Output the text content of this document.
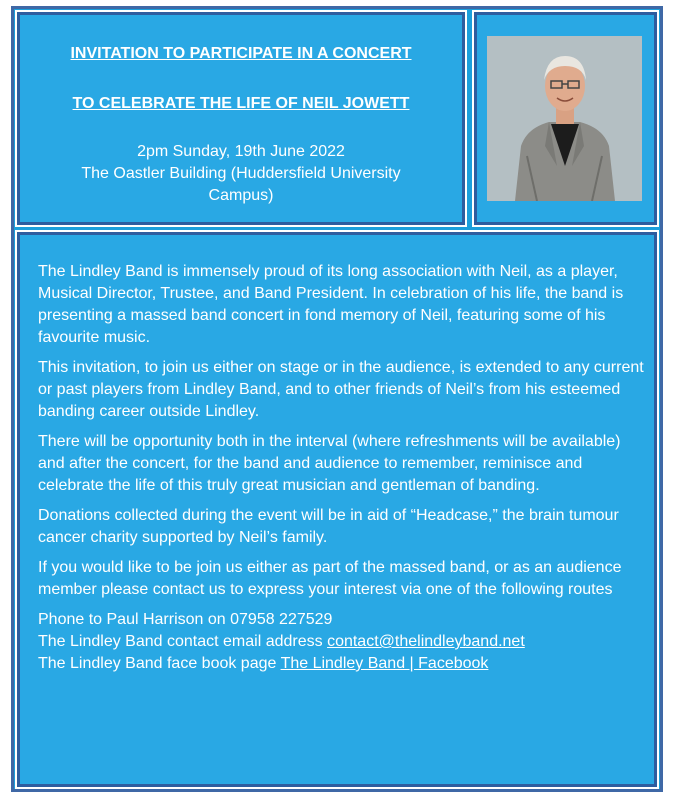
INVITATION TO PARTICIPATE IN A CONCERT

TO CELEBRATE THE LIFE OF NEIL JOWETT

2pm Sunday, 19th June 2022
The Oastler Building (Huddersfield University
Campus)

The Lindley Band is immensely proud of its long association with Neil, as a player, Musical Director, Trustee, and Band President. In celebration of his life, the band is presenting a massed band concert in fond memory of Neil, featuring some of his favourite music.

This invitation, to join us either on stage or in the audience, is extended to any current or past players from Lindley Band, and to other friends of Neil’s from his esteemed banding career outside Lindley.

There will be opportunity both in the interval (where refreshments will be available) and after the concert, for the band and audience to remember, reminisce and celebrate the life of this truly great musician and gentleman of banding.

Donations collected during the event will be in aid of “Headcase,” the brain tumour cancer charity supported by Neil’s family.

If you would like to be join us either as part of the massed band, or as an audience member please contact us to express your interest via one of the following routes

Phone to Paul Harrison on 07958 227529
The Lindley Band contact email address contact@thelindleyband.net
The Lindley Band face book page The Lindley Band | Facebook
